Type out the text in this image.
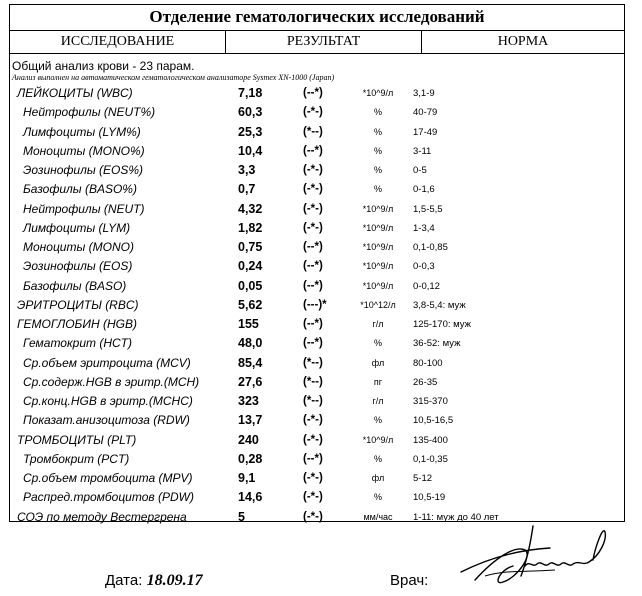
Отделение гематологических исследований
ИССЛЕДОВАНИЕ	РЕЗУЛЬТАТ	НОРМА
Общий анализ крови - 23 парам.
Анализ выполнен на автоматическом гематологическом анализаторе Sysmex XN-1000 (Japan)
ЛЕЙКОЦИТЫ (WBC)	7,18	(--*)	*10^9/л	3,1-9
Нейтрофилы (NEUT%)	60,3	(-*-)	%	40-79
Лимфоциты (LYM%)	25,3	(*--)	%	17-49
Моноциты (MONO%)	10,4	(--*)	%	3-11
Эозинофилы (EOS%)	3,3	(-*-)	%	0-5
Базофилы (BASO%)	0,7	(-*-)	%	0-1,6
Нейтрофилы (NEUT)	4,32	(-*-)	*10^9/л	1,5-5,5
Лимфоциты (LYM)	1,82	(-*-)	*10^9/л	1-3,4
Моноциты (MONO)	0,75	(--*)	*10^9/л	0,1-0,85
Эозинофилы (EOS)	0,24	(--*)	*10^9/л	0-0,3
Базофилы (BASO)	0,05	(--*)	*10^9/л	0-0,12
ЭРИТРОЦИТЫ (RBC)	5,62	(---)*	*10^12/л	3,8-5,4: муж
ГЕМОГЛОБИН (HGB)	155	(--*)	г/л	125-170: муж
Гематокрит (HCT)	48,0	(--*)	%	36-52: муж
Ср.объем эритроцита (MCV)	85,4	(*--)	фл	80-100
Ср.содерж.HGB в эритр.(MCH)	27,6	(*--)	пг	26-35
Ср.конц.HGB в эритр.(MCHC)	323	(*--)	г/л	315-370
Показат.анизоцитоза (RDW)	13,7	(-*-)	%	10,5-16,5
ТРОМБОЦИТЫ (PLT)	240	(-*-)	*10^9/л	135-400
Тромбокрит (PCT)	0,28	(--*)	%	0,1-0,35
Ср.объем тромбоцита (MPV)	9,1	(-*-)	фл	5-12
Распред.тромбоцитов (PDW)	14,6	(-*-)	%	10,5-19
СОЭ по методу Вестергрена	5	(-*-)	мм/час	1-11: муж до 40 лет
Дата: 18.09.17	Врач:
